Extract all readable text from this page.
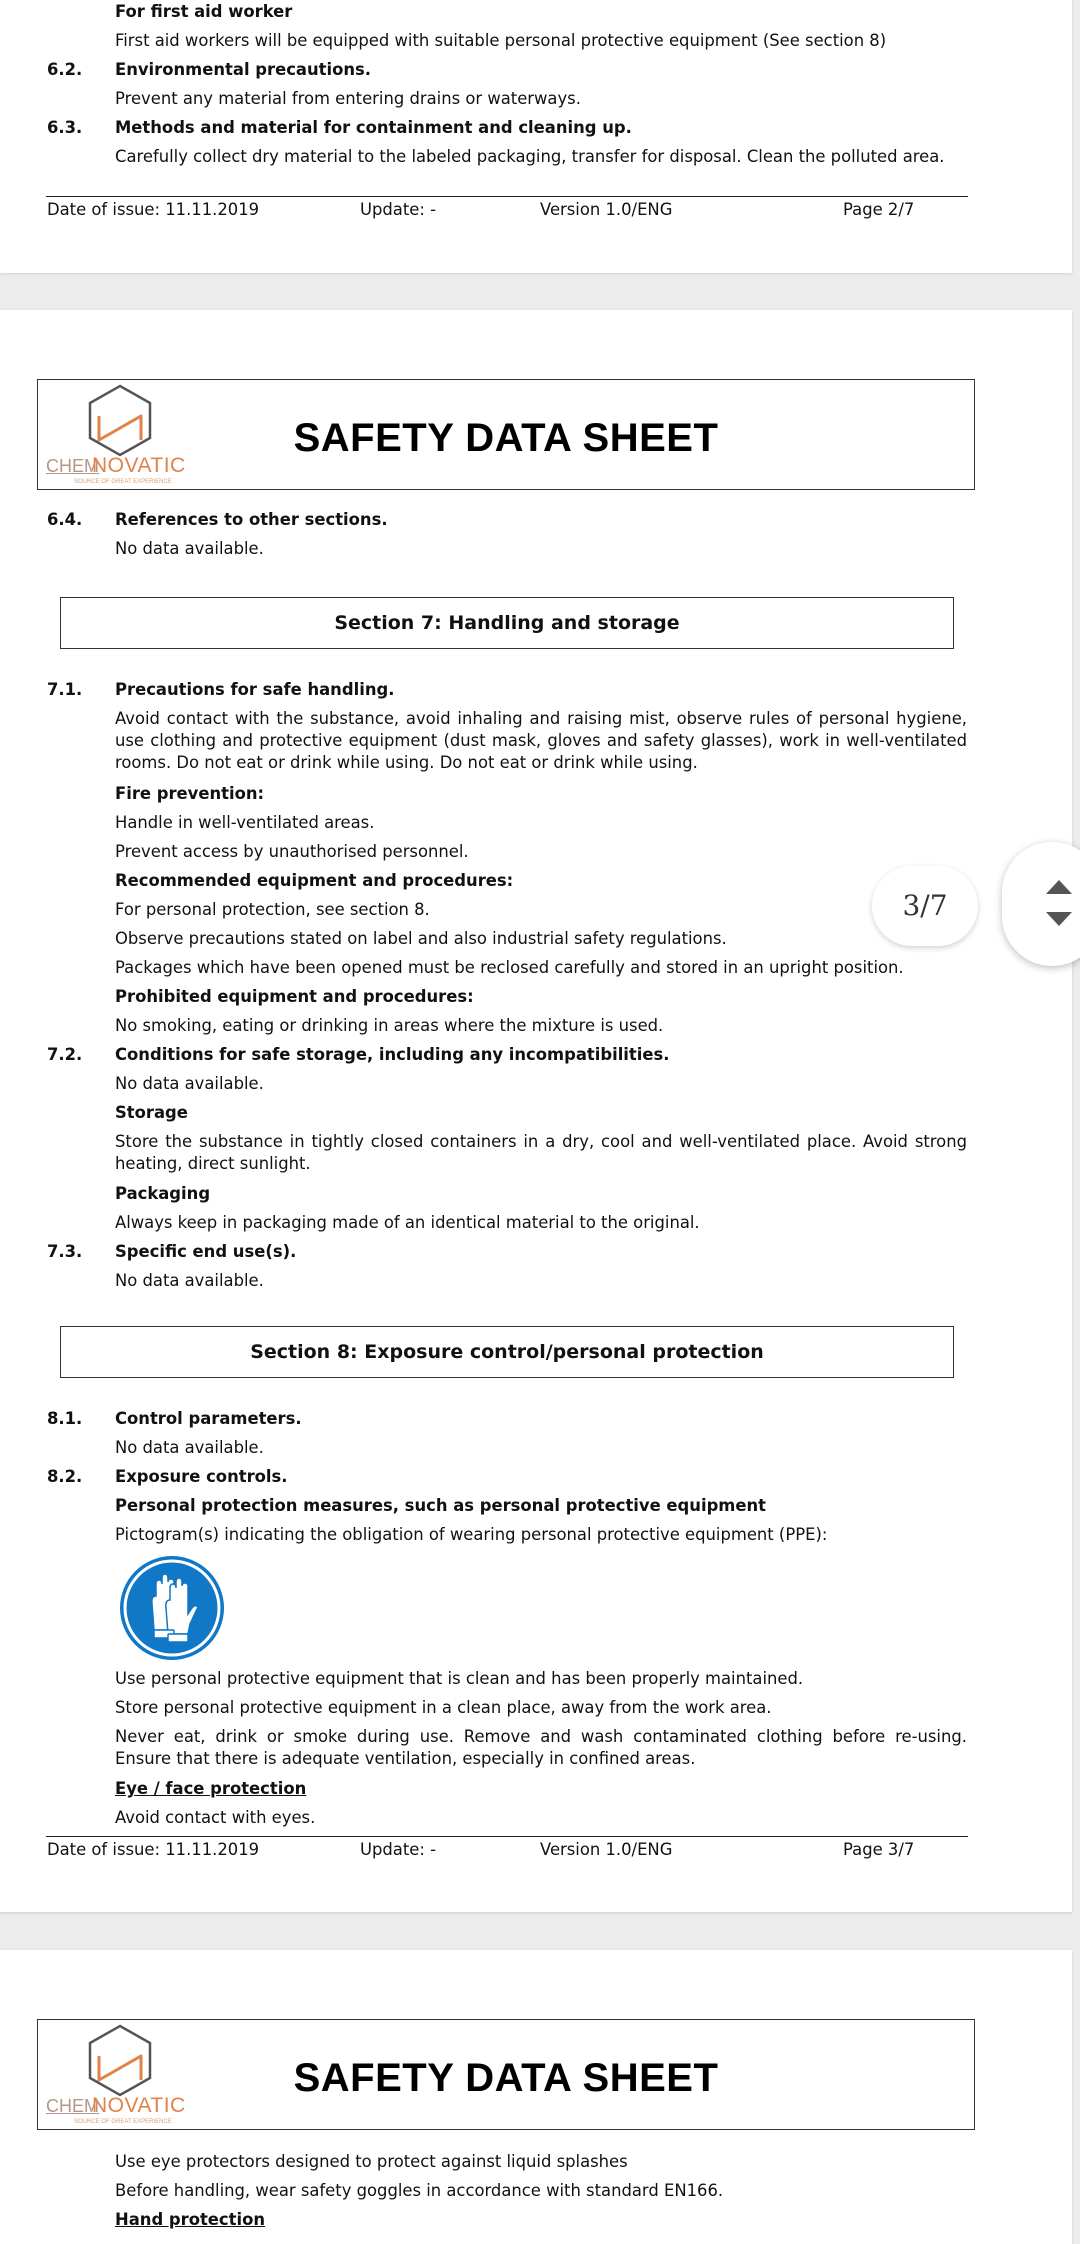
For first aid worker
First aid workers will be equipped with suitable personal protective equipment (See section 8)
6.2. Environmental precautions.
Prevent any material from entering drains or waterways.
6.3. Methods and material for containment and cleaning up.
Carefully collect dry material to the labeled packaging, transfer for disposal. Clean the polluted area.
Date of issue: 11.11.2019	Update: -	Version 1.0/ENG	Page 2/7
CHEM
NOVATIC
SOURCE OF GREAT EXPERIENCE
SAFETY DATA SHEET
6.4. References to other sections.
No data available.
Section 7: Handling and storage
7.1. Precautions for safe handling.
Avoid contact with the substance, avoid inhaling and raising mist, observe rules of personal hygiene, use clothing and protective equipment (dust mask, gloves and safety glasses), work in well-ventilated rooms. Do not eat or drink while using. Do not eat or drink while using.
Fire prevention:
Handle in well-ventilated areas.
Prevent access by unauthorised personnel.
Recommended equipment and procedures:
For personal protection, see section 8.
Observe precautions stated on label and also industrial safety regulations.
Packages which have been opened must be reclosed carefully and stored in an upright position.
Prohibited equipment and procedures:
No smoking, eating or drinking in areas where the mixture is used.
7.2. Conditions for safe storage, including any incompatibilities.
No data available.
Storage
Store the substance in tightly closed containers in a dry, cool and well-ventilated place. Avoid strong heating, direct sunlight.
Packaging
Always keep in packaging made of an identical material to the original.
7.3. Specific end use(s).
No data available.
Section 8: Exposure control/personal protection
8.1. Control parameters.
No data available.
8.2. Exposure controls.
Personal protection measures, such as personal protective equipment
Pictogram(s) indicating the obligation of wearing personal protective equipment (PPE):
Use personal protective equipment that is clean and has been properly maintained.
Store personal protective equipment in a clean place, away from the work area.
Never eat, drink or smoke during use. Remove and wash contaminated clothing before re-using. Ensure that there is adequate ventilation, especially in confined areas.
Eye / face protection
Avoid contact with eyes.
Date of issue: 11.11.2019	Update: -	Version 1.0/ENG	Page 3/7
CHEM
NOVATIC
SOURCE OF GREAT EXPERIENCE
SAFETY DATA SHEET
Use eye protectors designed to protect against liquid splashes
Before handling, wear safety goggles in accordance with standard EN166.
Hand protection
3/7
